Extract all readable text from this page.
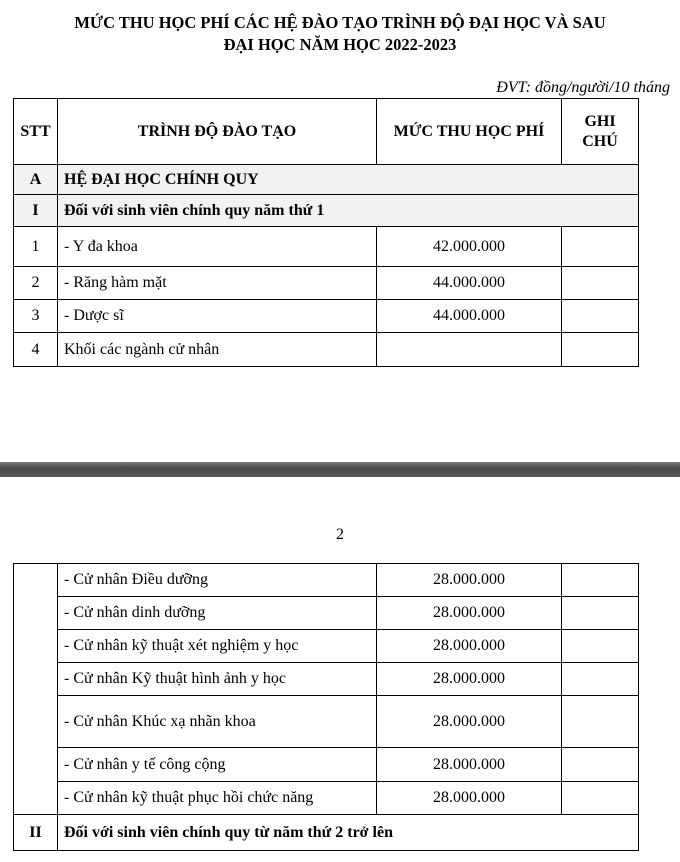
MỨC THU HỌC PHÍ CÁC HỆ ĐÀO TẠO TRÌNH ĐỘ ĐẠI HỌC VÀ SAU
ĐẠI HỌC NĂM HỌC 2022-2023
ĐVT: đồng/người/10 tháng
STT	TRÌNH ĐỘ ĐÀO TẠO	MỨC THU HỌC PHÍ	GHI
CHÚ
A	HỆ ĐẠI HỌC CHÍNH QUY		
I	Đối với sinh viên chính quy năm thứ 1		
1	- Y đa khoa	42.000.000	
2	- Răng hàm mặt	44.000.000	
3	- Dược sĩ	44.000.000	
4	Khối các ngành cử nhân		
2
	- Cử nhân Điều dưỡng	28.000.000	
	- Cử nhân dinh dưỡng	28.000.000	
	- Cử nhân kỹ thuật xét nghiệm y học	28.000.000	
	- Cử nhân Kỹ thuật hình ảnh y học	28.000.000	
	- Cử nhân Khúc xạ nhãn khoa	28.000.000	
	- Cử nhân y tế công cộng	28.000.000	
	- Cử nhân kỹ thuật phục hồi chức năng	28.000.000	
II	Đối với sinh viên chính quy từ năm thứ 2 trở lên		
